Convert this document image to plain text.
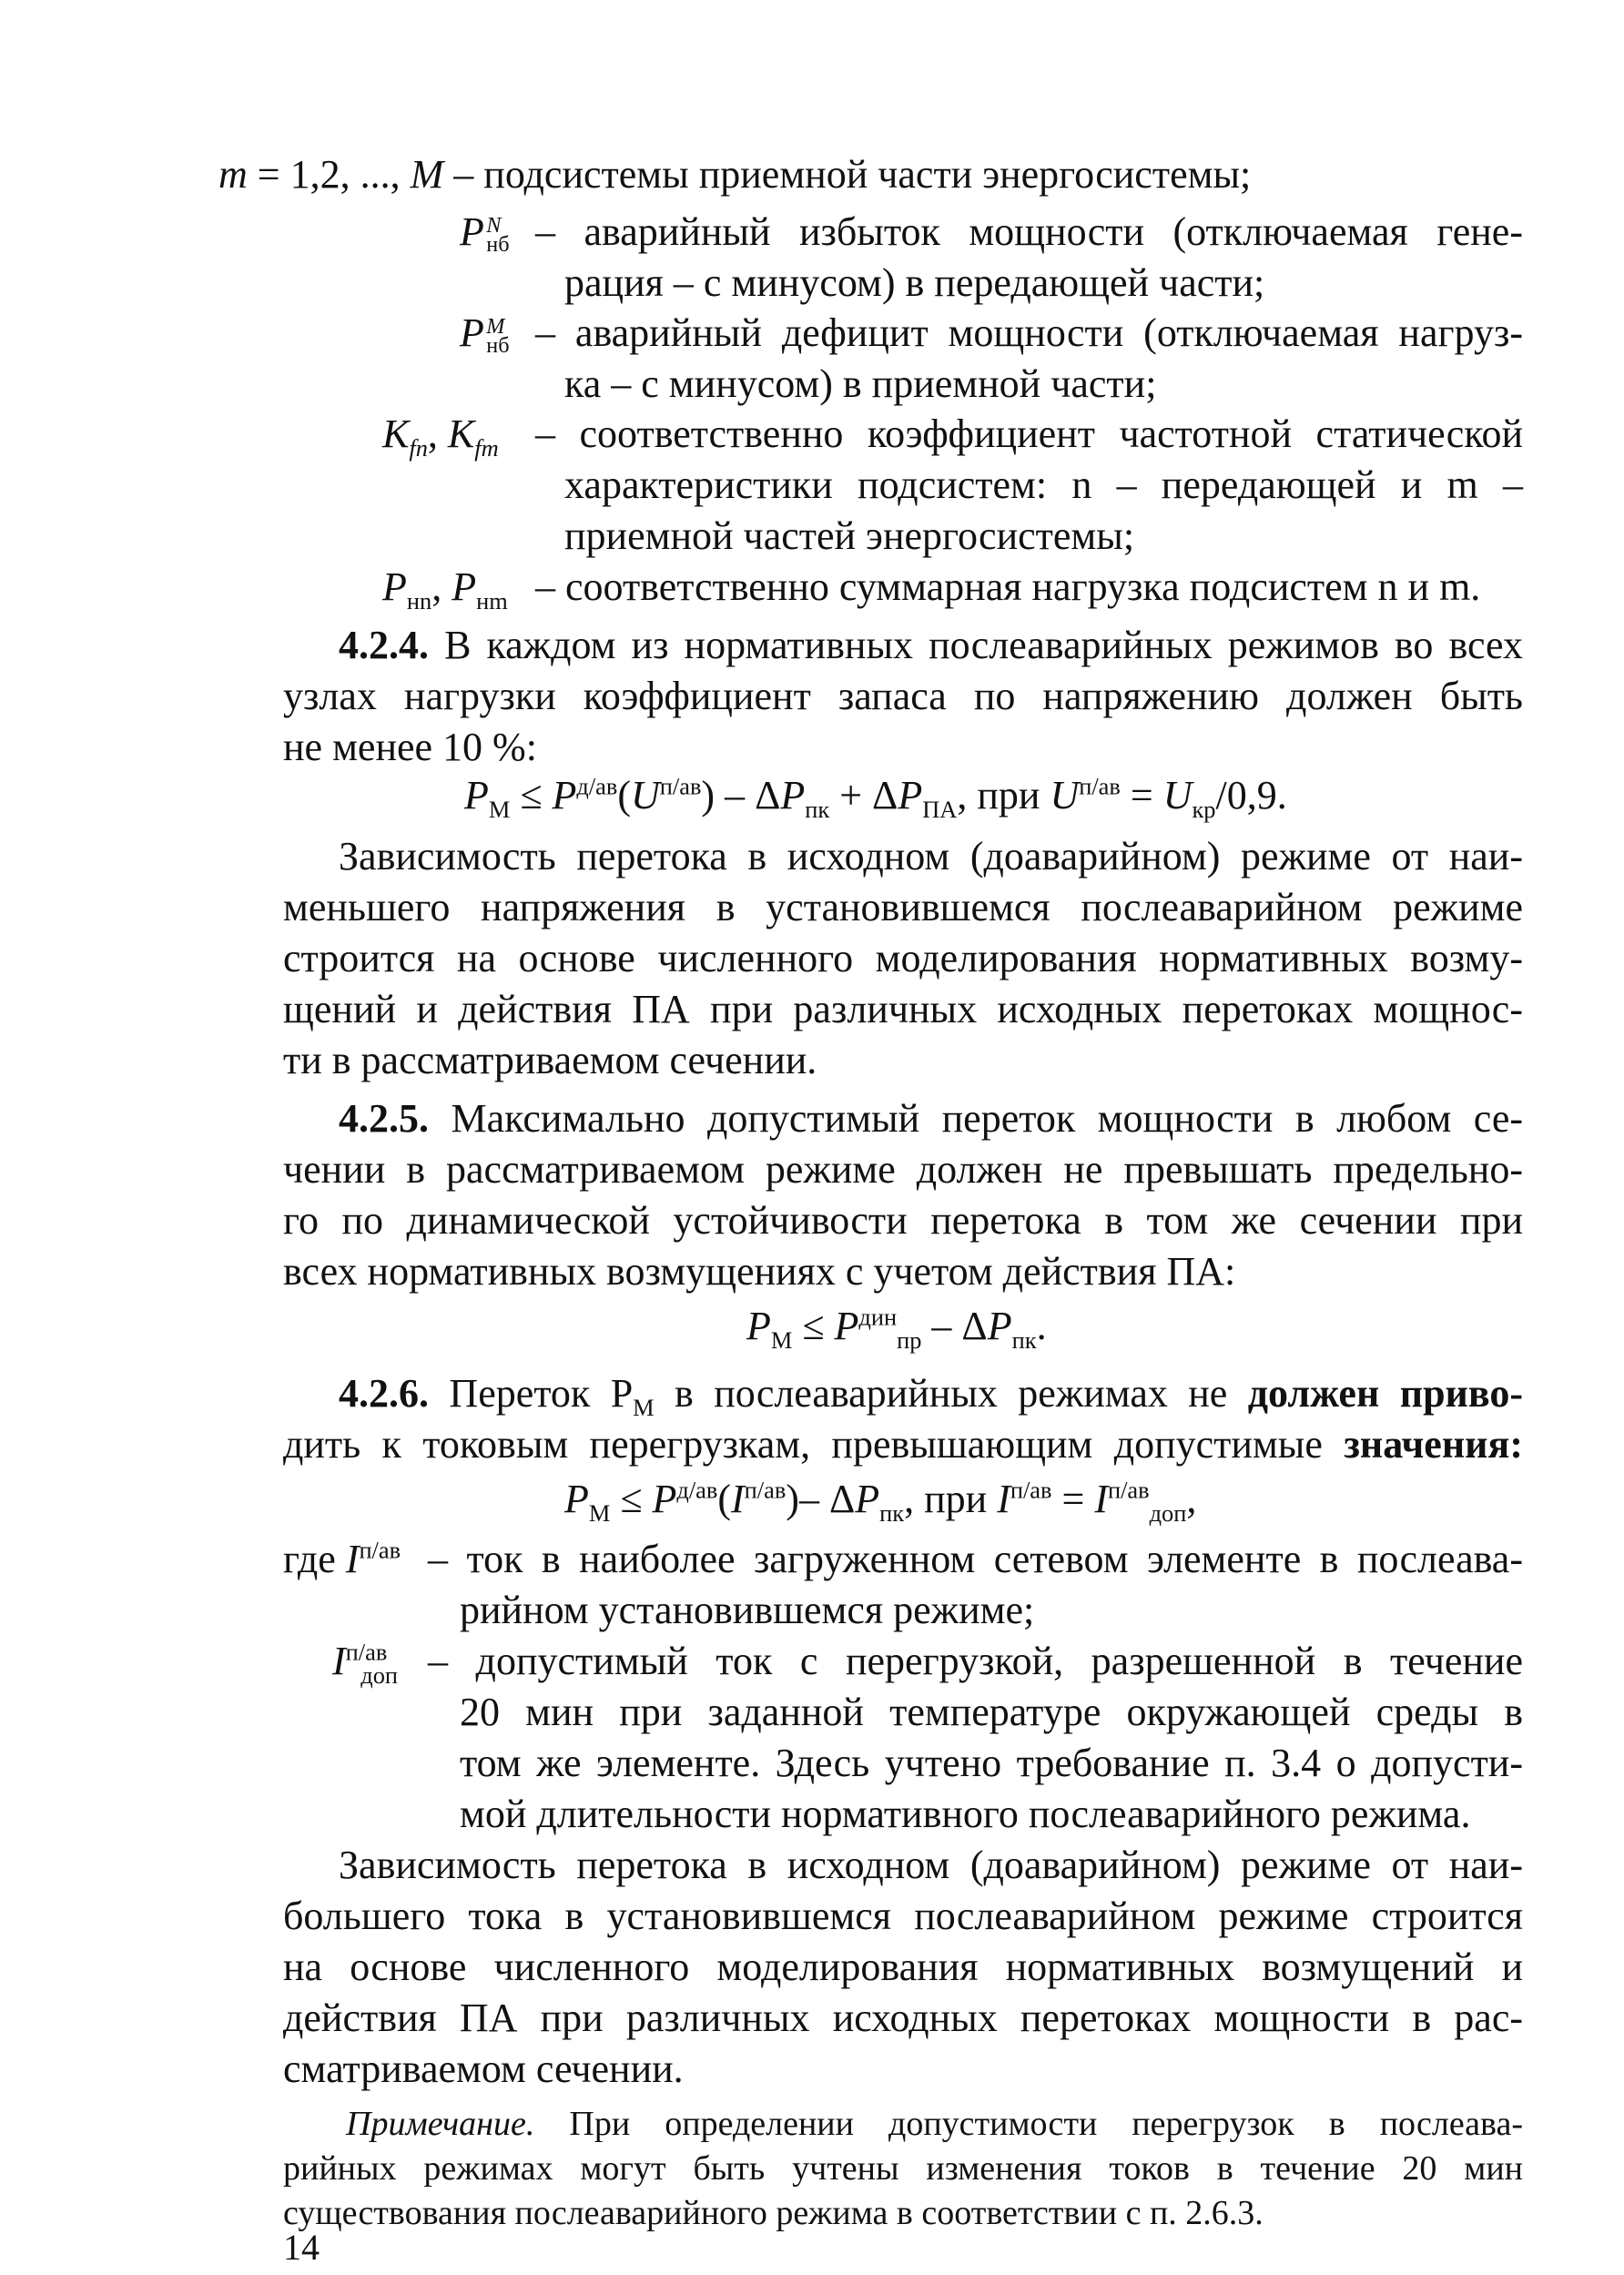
m = 1,2, ..., M – подсистемы приемной части энергосистемы;
P N
нб – аварийный избыток мощности (отключаемая гене-
рация – с минусом) в передающей части;
P M
нб – аварийный дефицит мощности (отключаемая нагруз-
ка – с минусом) в приемной части;
$K_{fn}$, $K_{fm}$ – соответственно коэффициент частотной статической
характеристики подсистем: n – передающей и m –
приемной частей энергосистемы;
$P_{нn}$, $P_{нm}$ – соответственно суммарная нагрузка подсистем n и m.
4.2.4. В каждом из нормативных послеаварийных режимов во всех
узлах нагрузки коэффициент запаса по напряжению должен быть
не менее 10 %:
$P_М \le P^{д/ав}(U^{п/ав}) - \Delta P_{пк} + \Delta P_{ПА}$, при $U^{п/ав} = U_{кр}/0,9$.
Зависимость перетока в исходном (доаварийном) режиме от наи-
меньшего напряжения в установившемся послеаварийном режиме
строится на основе численного моделирования нормативных возму-
щений и действия ПА при различных исходных перетоках мощнос-
ти в рассматриваемом сечении.
4.2.5. Максимально допустимый переток мощности в любом се-
чении в рассматриваемом режиме должен не превышать предельно-
го по динамической устойчивости перетока в том же сечении при
всех нормативных возмущениях с учетом действия ПА:
$P_М \le P^{дин}_{пр} - \Delta P_{пк}$.
4.2.6. Переток $P_М$ в послеаварийных режимах не должен приво-
дить к токовым перегрузкам, превышающим допустимые значения:
$P_М \le P^{д/ав}(I^{п/ав})-$ $\Delta P_{пк}$, при $I^{п/ав} = I^{п/ав}_{доп}$,
где $I^{п/ав}$ – ток в наиболее загруженном сетевом элементе в послеава-
рийном установившемся режиме;
$I^{п/ав}_{доп}$ – допустимый ток с перегрузкой, разрешенной в течение
20 мин при заданной температуре окружающей среды в
том же элементе. Здесь учтено требование п. 3.4 о допусти-
мой длительности нормативного послеаварийного режима.
Зависимость перетока в исходном (доаварийном) режиме от наи-
большего тока в установившемся послеаварийном режиме строится
на основе численного моделирования нормативных возмущений и
действия ПА при различных исходных перетоках мощности в рас-
сматриваемом сечении.
Примечание. При определении допустимости перегрузок в послеава-
рийных режимах могут быть учтены изменения токов в течение 20 мин
существования послеаварийного режима в соответствии с п. 2.6.3.
14
